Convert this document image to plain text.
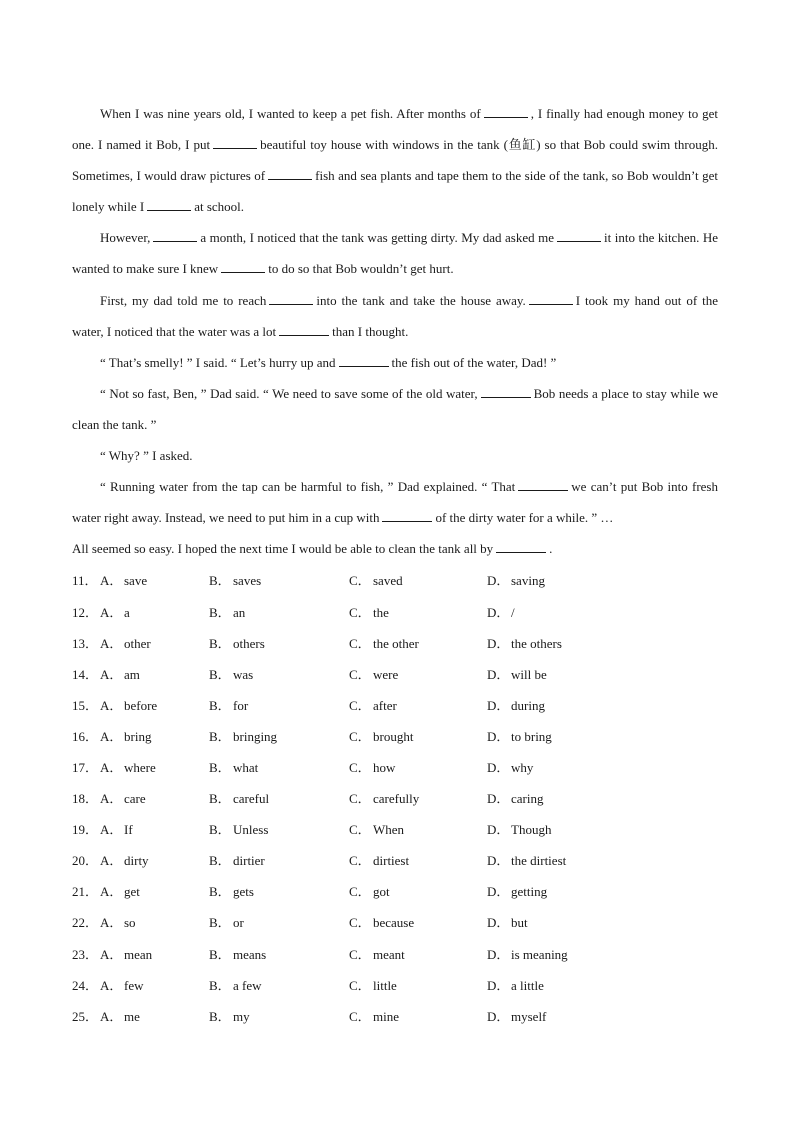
When I was nine years old, I wanted to keep a pet fish. After months of	, I finally had enough money to get one. I named it Bob, I put	beautiful toy house with windows in the tank (鱼缸) so that Bob could swim through. Sometimes, I would draw pictures of	fish and sea plants and tape them to the side of the tank, so Bob wouldn’t get lonely while I	at school.

However,	a month, I noticed that the tank was getting dirty. My dad asked me	it into the kitchen. He wanted to make sure I knew	to do so that Bob wouldn’t get hurt.

First, my dad told me to reach	into the tank and take the house away.	I took my hand out of the water, I noticed that the water was a lot	than I thought.

“ That’s smelly! ” I said. “ Let’s hurry up and	the fish out of the water, Dad! ”

“ Not so fast, Ben, ” Dad said. “ We need to save some of the old water,	Bob needs a place to stay while we clean the tank. ”

“ Why? ” I asked.

“ Running water from the tap can be harmful to fish, ” Dad explained. “ That	we can’t put Bob into fresh water right away. Instead, we need to put him in a cup with	of the dirty water for a while. ” …

All seemed so easy. I hoped the next time I would be able to clean the tank all by	.

11． A． save	B． saves	C． saved	D． saving
12． A． a	B． an	C． the	D． /
13． A． other	B． others	C． the other	D． the others
14． A． am	B． was	C． were	D． will be
15． A． before	B． for	C． after	D． during
16． A． bring	B． bringing	C． brought	D． to bring
17． A． where	B． what	C． how	D． why
18． A． care	B． careful	C． carefully	D． caring
19． A． If	B． Unless	C． When	D． Though
20． A． dirty	B． dirtier	C． dirtiest	D． the dirtiest
21． A． get	B． gets	C． got	D． getting
22． A． so	B． or	C． because	D． but
23． A． mean	B． means	C． meant	D． is meaning
24． A． few	B． a few	C． little	D． a little
25． A． me	B． my	C． mine	D． myself
